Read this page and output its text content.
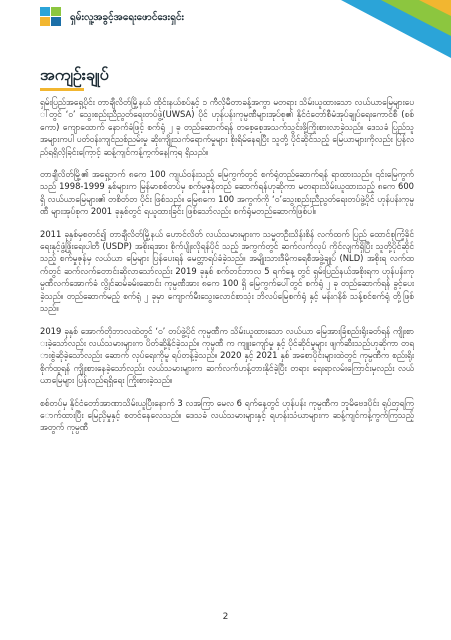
ရှမ်းလူ့အခွင့်အရေးဖောင်ဒေးရှင်း
အကျဉ်းချုပ်

ရှမ်းပြည်အရှေ့ပိုင်း တာချီလိတ်မြို့နယ် ထိုင်းနယ်စပ်နှင့် ၁ ကီလိုမီတာခန့်အကွာ မတရား သိမ်းယူထားသော လယ်ယာမြေများပေါ်တွင် ‘ဝ’ သွေးစည်းညီညွတ်ရေးတပ်ဖွဲ့(UWSA) ပိုင် ဟုန်ပန်းကုမ္ပဏီများအုပ်စု၏ နိုင်ငံတော်စီမံအုပ်ချုပ်ရေးကောင်စီ (စစ်ကော) ကျောထောက် နောက်ခံဖြင့် စက်ရုံ ၂ ခု တည်ဆောက်ရန် တစေ့စေ့အသက်သွင်းဖို့ကြိုးစားလာခဲ့သည်။ ဒေသခံ ပြည်သူအများကပါ ပတ်ဝန်းကျင်ညစ်ညမ်းမှု ဆိုးကျိုးသက်ရောက်မှုများ စိုးရိမ်နေရပြီး သူတို့ ပိုင်ဆိုင်သည့် မြေယာများကိုလည်း ပြန်လည်ရရှိလိုခြင်းကြောင့် ဆန့်ကျင်ကန့်ကွက်နေကြရ ရှိသည်။

တာချီလိတ်မြို့၏ အရှေ့ဘက် ၈ကေ 100 ကျယ်ဝန်းသည့် မြေကွက်တွင် စက်ရုံတည်ဆောက်ရန် ရာထားသည်။ ၎င်းမြေကွက်သည် 1998-1999 နှစ်များက မြန်မာစစ်တပ်မှ စက်မှုဇုန်တည် ဆောက်ရန်ဟုဆိုကာ မတရားသိမ်းယူထားသည့် ၈ကေ 600 ရှိ လယ်ယာမြေများ၏ တစိတ်တ ပိုင်း ဖြစ်သည်။ မြေ၈ကေ 100 အကွက်ကို ‘ဝ’သွေးစည်းညီညွတ်ရေးတပ်ဖွဲ့ပိုင် ဟုန်ပန်းကုမ္ပဏီ များအုပ်စုက 2001 ခုနှစ်တွင် ရယူထားခြင်း ဖြစ်သော်လည်း စက်ရုံမတည်ဆောက်ဖြစ်ပါ။

2011 ခုနှစ်မှစတင်၍ တာချီလိတ်မြို့နယ် ဟောင်လိတ် လယ်သမားများက သမ္မတဦးသိန်းစိန် လက်ထက် ပြည် ထောင်စုကြံ့ခိုင်ရေးနှင့်ဖွံ့ဖြိုးရေးပါတီ (USDP) အစိုးရအား စိုက်ပျိုးလိုရန်ပိုင် သည့် အကွက်တွင် ဆက်လက်လုပ် ကိုင်လျက်ရှိပြီး သူတို့ပိုင်ဆိုင်သည့် စက်မှုဇုန်မှ လယ်ယာ မြေများ ပြန်ပေးရန် မေတ္တာရပ်ခံခဲ့သည်။ အမျိုးသားဒီမိုကရေစီအဖွဲ့ချုပ် (NLD) အစိုးရ လက်ထက်တွင် ဆက်လက်တောင်းဆိုလာသော်လည်း 2019 ခုနှစ် စက်တင်ဘာလ 5 ရက်နေ့ တွင် ရှမ်းပြည်နယ်အစိုးရက ဟုန်ပန်းကုမ္ပဏီလက်အောက်ခံ လွိုင်ဆမ်ခမ်းဆောင်း ကုမ္ပဏီအား ၈ကေ 100 ရှိ မြေကွက်ပေါ်တွင် စက်ရုံ ၂ ခု တည်ဆောက်ရန် ခွင့်ပေးခဲ့သည်။ တည်ဆောက်မည့် စက်ရုံ ၂ ခုမှာ ကျောက်မီးသွေးလောင်စာသုံး ဘိလပ်မြေစက်ရုံ နှင့် မန်းဂနိစ် သန့်စင်စက်ရုံ တို့ဖြစ်သည်။

2019 ခုနှစ် အောက်တိုဘာလထဲတွင် ‘ဝ’ တပ်ဖွဲ့ပိုင် ကုမ္ပဏီက သိမ်းယူထားသော လယ်ယာ မြေအားခြံစည်းရိုးခတ်ရန် ကျိုးစားခဲ့သော်လည်း လယ်သမားများက ပိတ်ဆို့နိုင်ခဲ့သည်။ ကုမ္ပဏီ က ကျူးကျော်မှု နှင့် ပိုင်ဆိုင်မှုများ ဖျက်ဆီးသည်ဟုဆိုကာ တရားစွဲဆိုခဲ့သော်လည်း ဆောက် လုပ်ရေးကိုမူ ရပ်တန့်ခဲ့သည်။ 2020 နှင့် 2021 နှစ် အစောပိုင်းများထဲတွင် ကုမ္ပဏီက စည်းရိုး စိုက်ထူရန် ကျိုးစားနေခဲ့သော်လည်း လယ်သမားများက ဆက်လက်ဟန့်တားနိုင်ခဲ့ပြီး တရား ရေးရာလမ်းကြောင်းမှလည်း လယ်ယာမြေများ ပြန်လည်ရရှိရေး ကြိုးစားခဲ့သည်။

စစ်တပ်မှ နိုင်ငံတော်အာဏာသိမ်းယူပြီးနောက် 3 လအကြာ မေလ 6 ရက်နေ့တွင် ဟုန်ပန်း ကုမ္ပဏီက ဘူမိဗေဒပိုင်း ရုပ်တုရကြောက်ထားပြီး မြေညှိမှုနှင့် စတင်နေလေသည်။ ဒေသခံ လယ်သမားများနှင့် ရဟန်းသံဃာများက ဆန့်ကျင်ကန့်ကွက်ကြသည့်အတွက် ကုမ္ပဏီ

2
